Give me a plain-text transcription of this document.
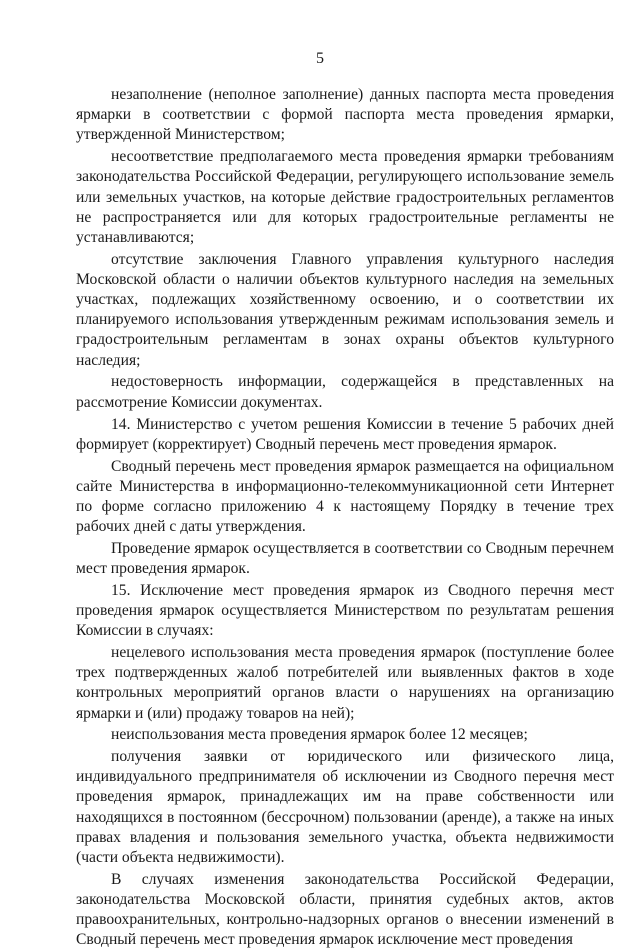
5

незаполнение (неполное заполнение) данных паспорта места проведения ярмарки в соответствии с формой паспорта места проведения ярмарки, утвержденной Министерством;

несоответствие предполагаемого места проведения ярмарки требованиям законодательства Российской Федерации, регулирующего использование земель или земельных участков, на которые действие градостроительных регламентов не распространяется или для которых градостроительные регламенты не устанавливаются;

отсутствие заключения Главного управления культурного наследия Московской области о наличии объектов культурного наследия на земельных участках, подлежащих хозяйственному освоению, и о соответствии их планируемого использования утвержденным режимам использования земель и градостроительным регламентам в зонах охраны объектов культурного наследия;

недостоверность информации, содержащейся в представленных на рассмотрение Комиссии документах.

14. Министерство с учетом решения Комиссии в течение 5 рабочих дней формирует (корректирует) Сводный перечень мест проведения ярмарок.

Сводный перечень мест проведения ярмарок размещается на официальном сайте Министерства в информационно-телекоммуникационной сети Интернет по форме согласно приложению 4 к настоящему Порядку в течение трех рабочих дней с даты утверждения.

Проведение ярмарок осуществляется в соответствии со Сводным перечнем мест проведения ярмарок.

15. Исключение мест проведения ярмарок из Сводного перечня мест проведения ярмарок осуществляется Министерством по результатам решения Комиссии в случаях:

нецелевого использования места проведения ярмарок (поступление более трех подтвержденных жалоб потребителей или выявленных фактов в ходе контрольных мероприятий органов власти о нарушениях на организацию ярмарки и (или) продажу товаров на ней);

неиспользования места проведения ярмарок более 12 месяцев;

получения заявки от юридического или физического лица, индивидуального предпринимателя об исключении из Сводного перечня мест проведения ярмарок, принадлежащих им на праве собственности или находящихся в постоянном (бессрочном) пользовании (аренде), а также на иных правах владения и пользования земельного участка, объекта недвижимости (части объекта недвижимости).

В случаях изменения законодательства Российской Федерации, законодательства Московской области, принятия судебных актов, актов правоохранительных, контрольно-надзорных органов о внесении изменений в Сводный перечень мест проведения ярмарок исключение мест проведения
